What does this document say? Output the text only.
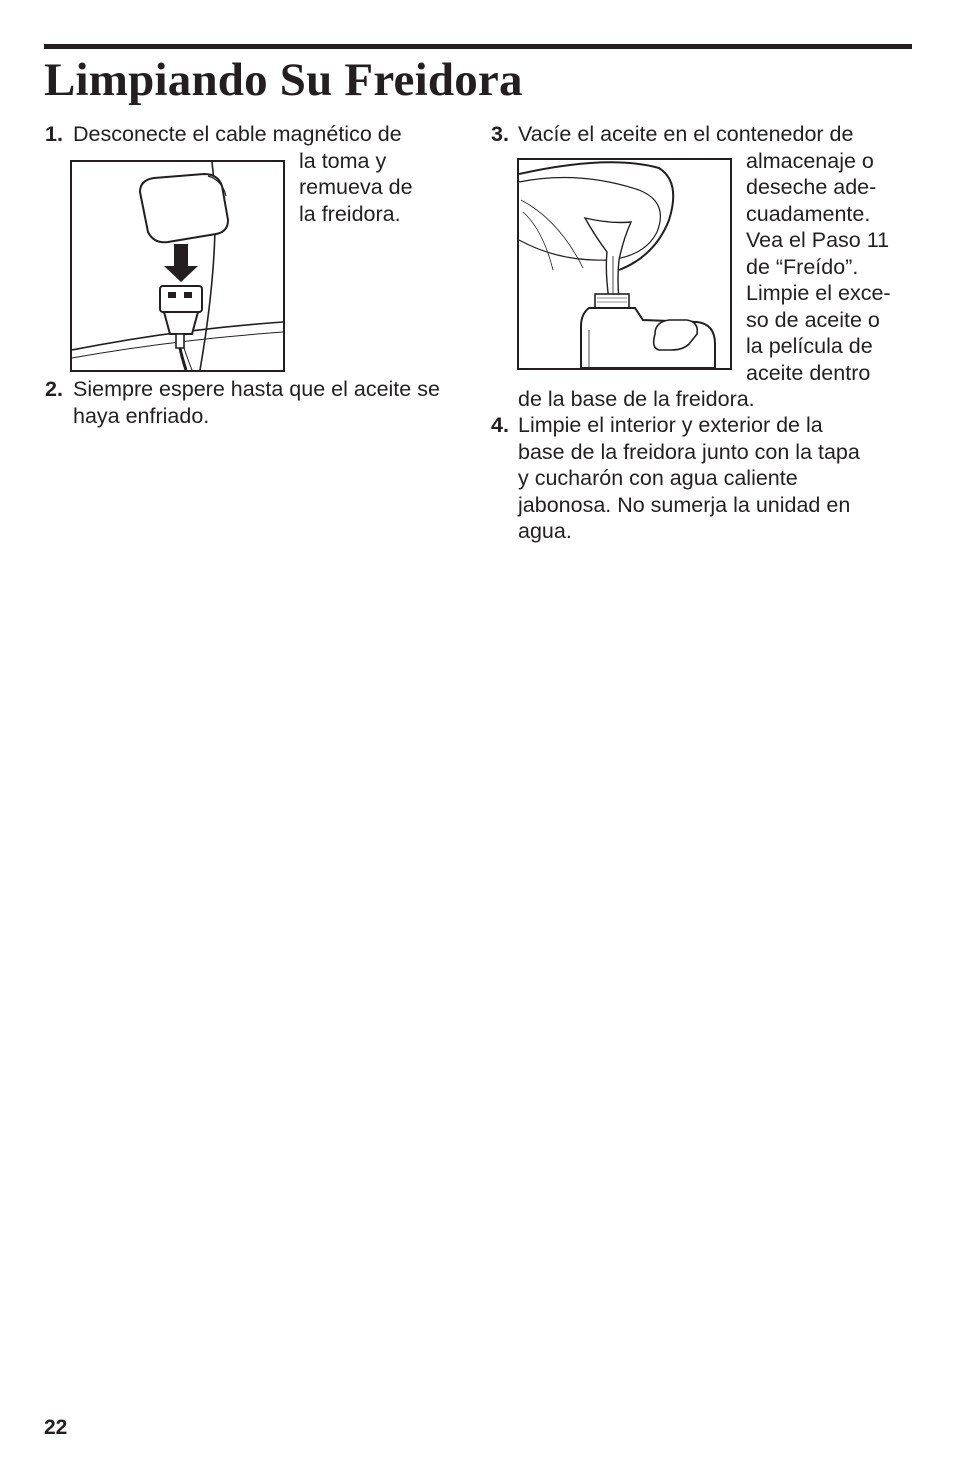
Limpiando Su Freidora
1. Desconecte el cable magnético de
la toma y
remueva de
la freidora.
2. Siempre espere hasta que el aceite se
haya enfriado.
3. Vacíe el aceite en el contenedor de
almacenaje o
deseche ade-
cuadamente.
Vea el Paso 11
de “Freído”.
Limpie el exce-
so de aceite o
la película de
aceite dentro
de la base de la freidora.
4. Limpie el interior y exterior de la
base de la freidora junto con la tapa
y cucharón con agua caliente
jabonosa. No sumerja la unidad en
agua.
22
